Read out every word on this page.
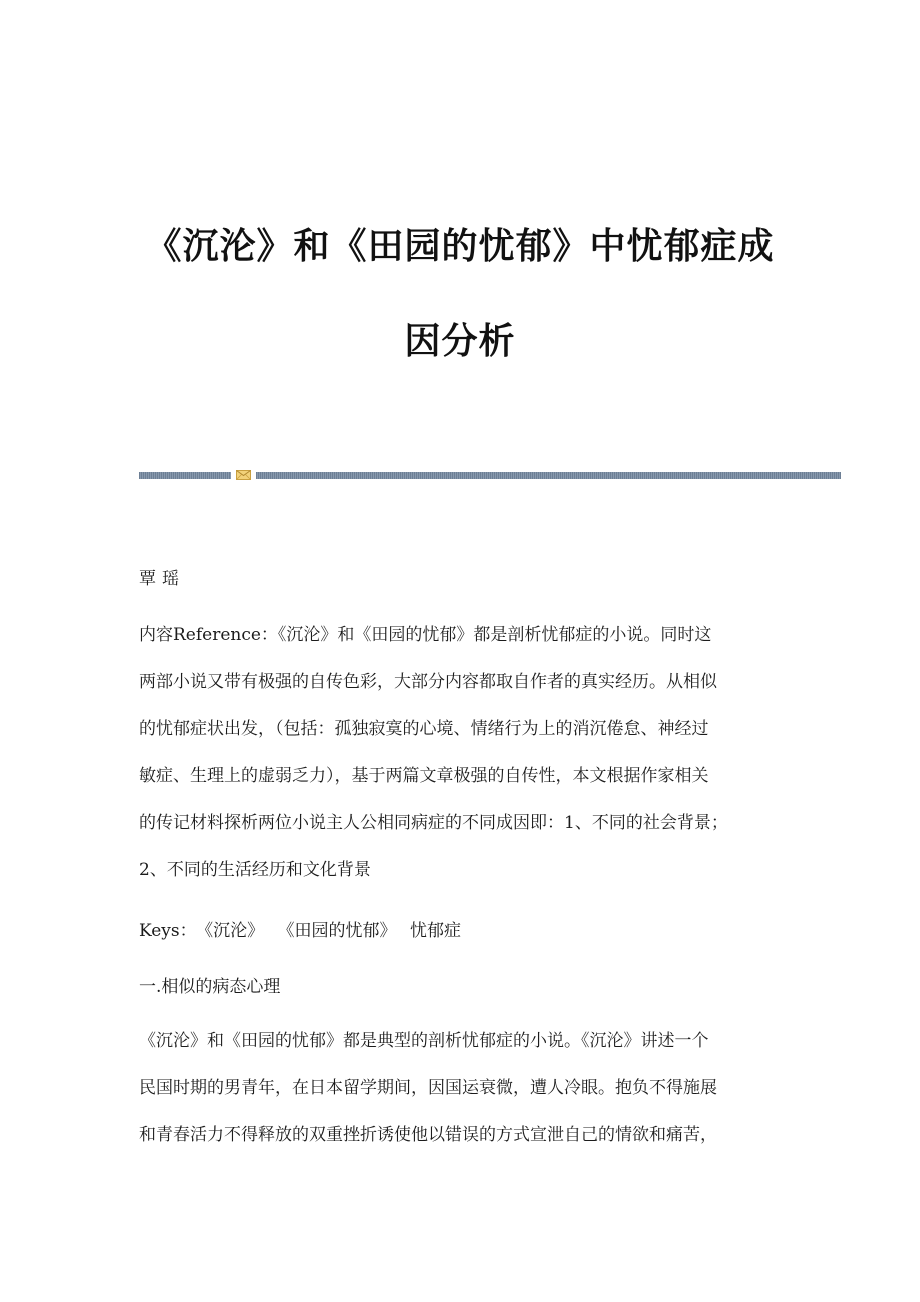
《沉沦》和《田园的忧郁》中忧郁症成
因分析
覃瑶

内容Reference：《沉沦》和《田园的忧郁》都是剖析忧郁症的小说。同时这

两部小说又带有极强的自传色彩，大部分内容都取自作者的真实经历。从相似

的忧郁症状出发，（包括：孤独寂寞的心境、情绪行为上的消沉倦怠、神经过

敏症、生理上的虚弱乏力），基于两篇文章极强的自传性，本文根据作家相关

的传记材料探析两位小说主人公相同病症的不同成因即：1、不同的社会背景；

2、不同的生活经历和文化背景

Keys： 《沉沦》 《田园的忧郁》 忧郁症
一.相似的病态心理

《沉沦》和《田园的忧郁》都是典型的剖析忧郁症的小说。《沉沦》讲述一个

民国时期的男青年，在日本留学期间，因国运衰微，遭人冷眼。抱负不得施展

和青春活力不得释放的双重挫折诱使他以错误的方式宣泄自己的情欲和痛苦，
